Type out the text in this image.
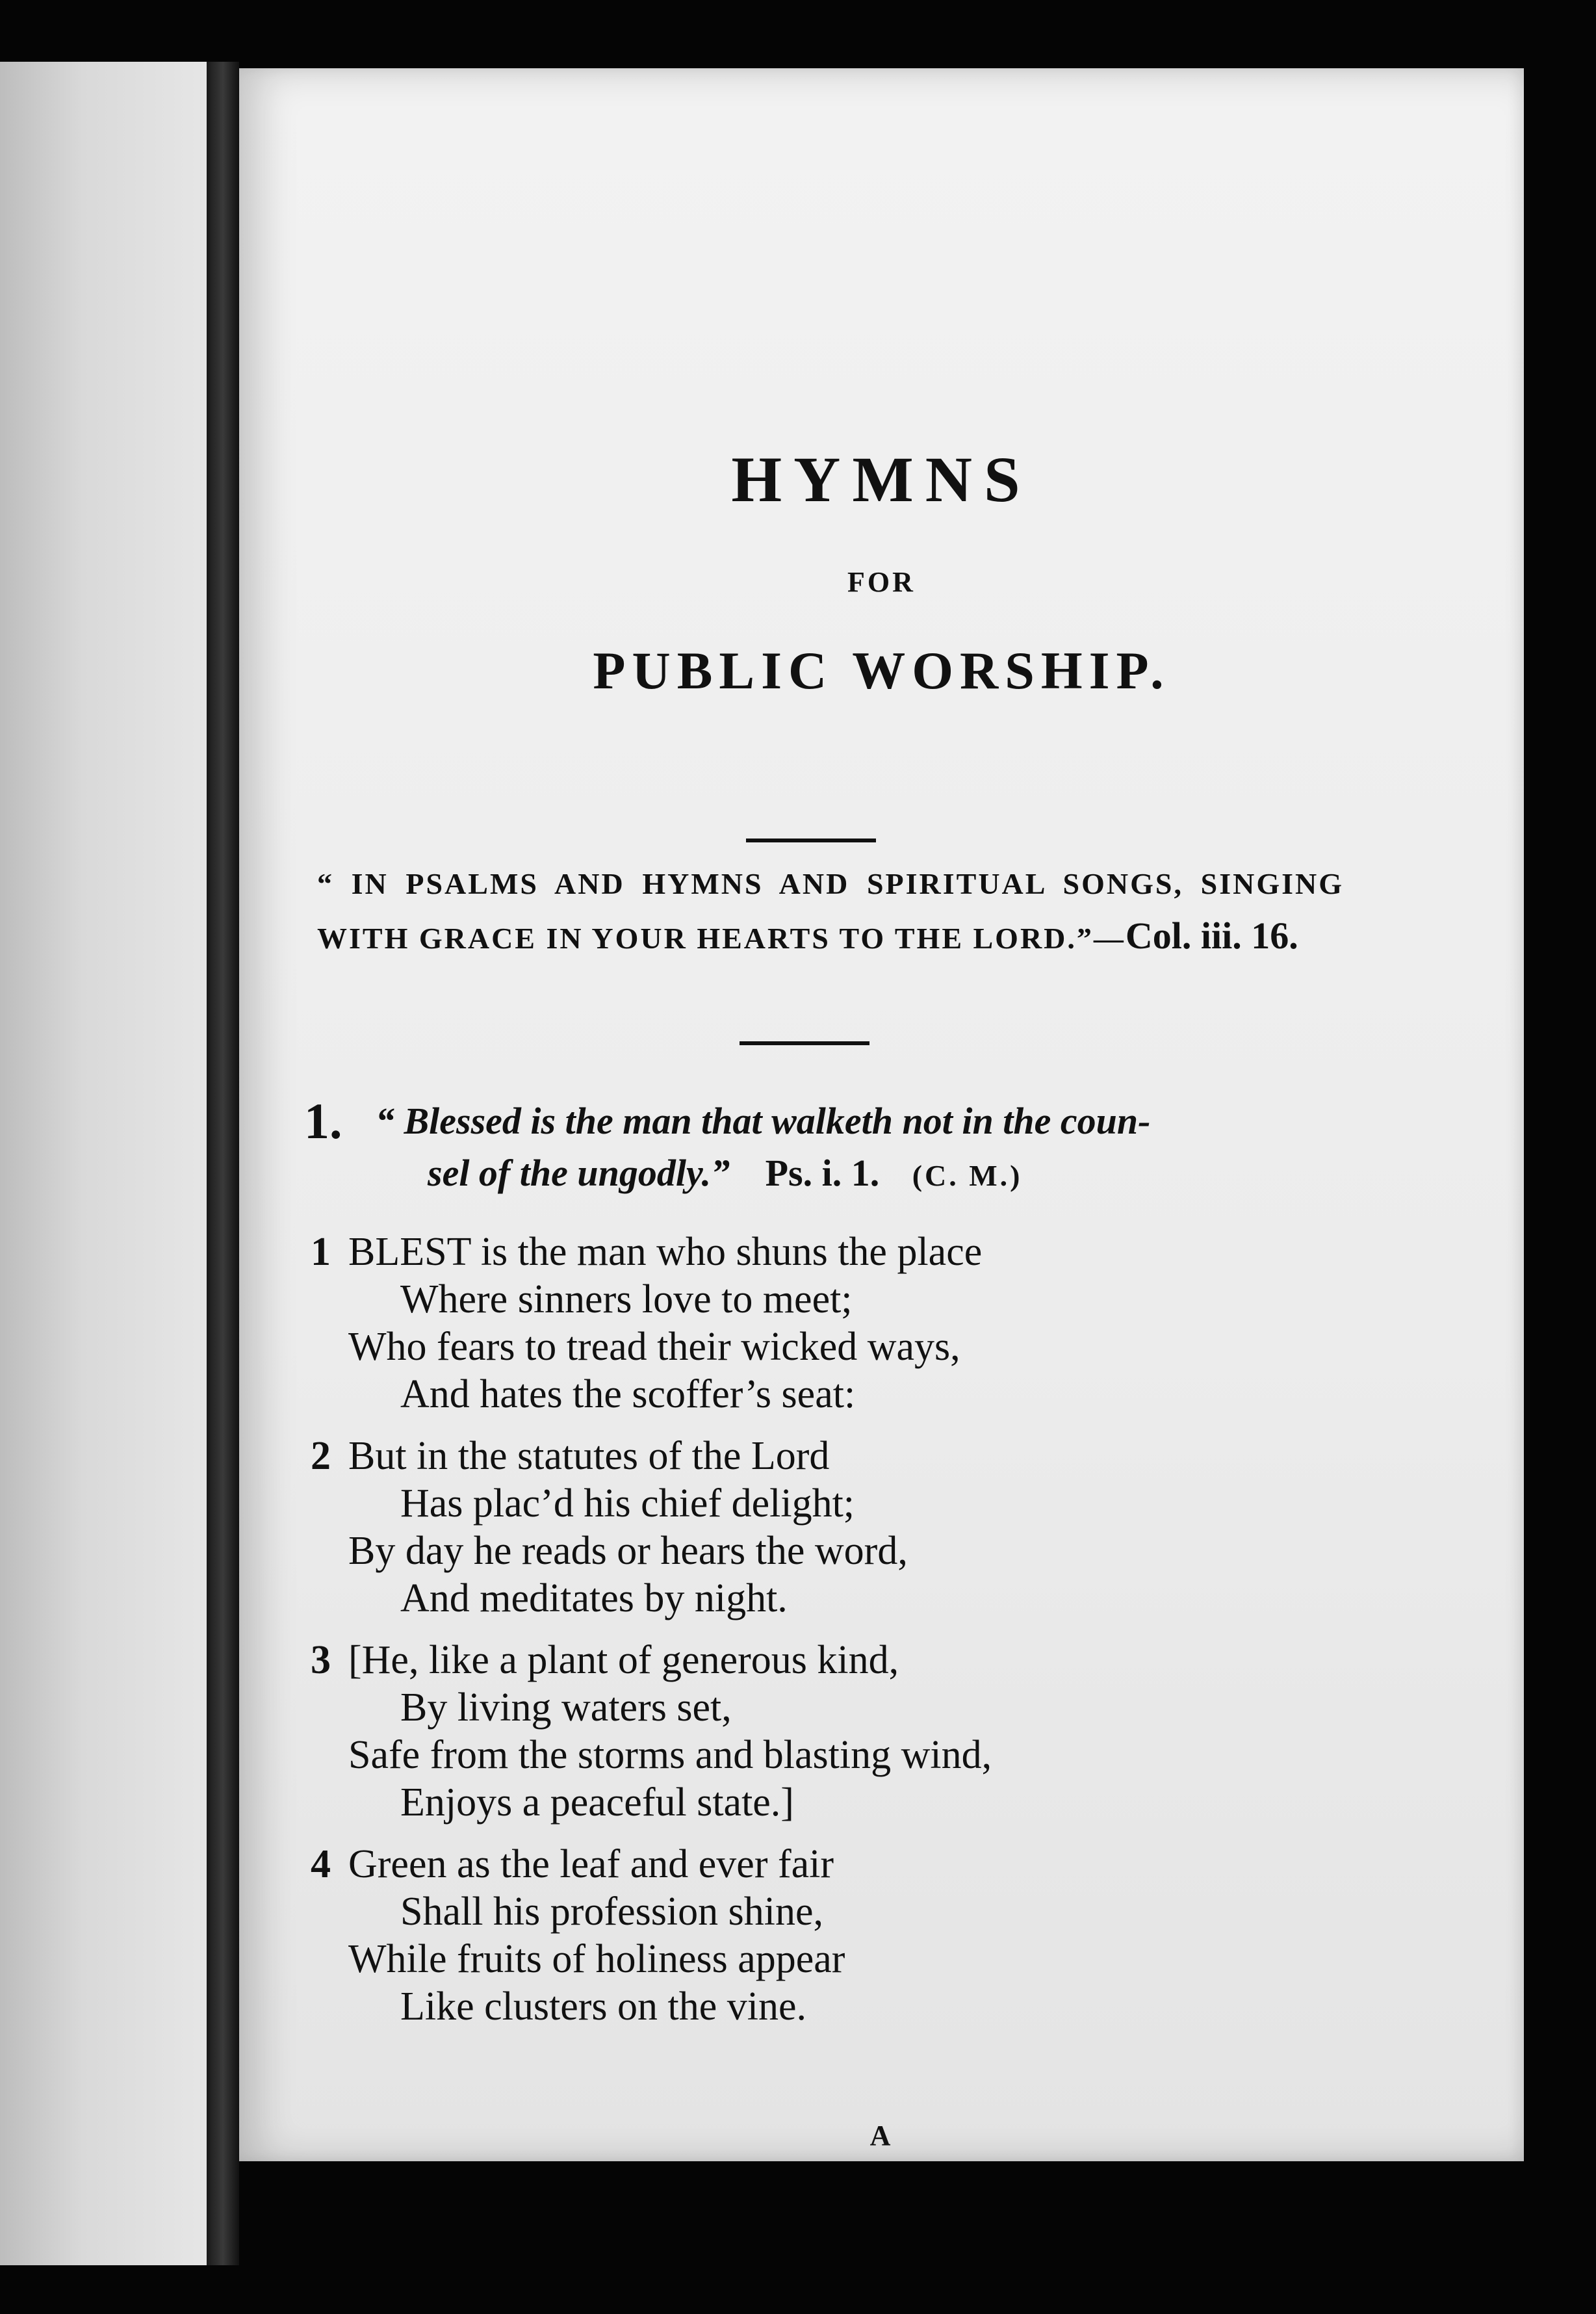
HYMNS
FOR
PUBLIC WORSHIP.
“ IN PSALMS AND HYMNS AND SPIRITUAL SONGS, SINGING WITH GRACE IN YOUR HEARTS TO THE LORD.”—Col. iii. 16.
1. “ Blessed is the man that walketh not in the coun-
sel of the ungodly.” Ps. i. 1. (C. M.)
1 BLEST is the man who shuns the place
Where sinners love to meet;
Who fears to tread their wicked ways,
And hates the scoffer’s seat:
2 But in the statutes of the Lord
Has plac’d his chief delight;
By day he reads or hears the word,
And meditates by night.
3 [He, like a plant of generous kind,
By living waters set,
Safe from the storms and blasting wind,
Enjoys a peaceful state.]
4 Green as the leaf and ever fair
Shall his profession shine,
While fruits of holiness appear
Like clusters on the vine.
A
